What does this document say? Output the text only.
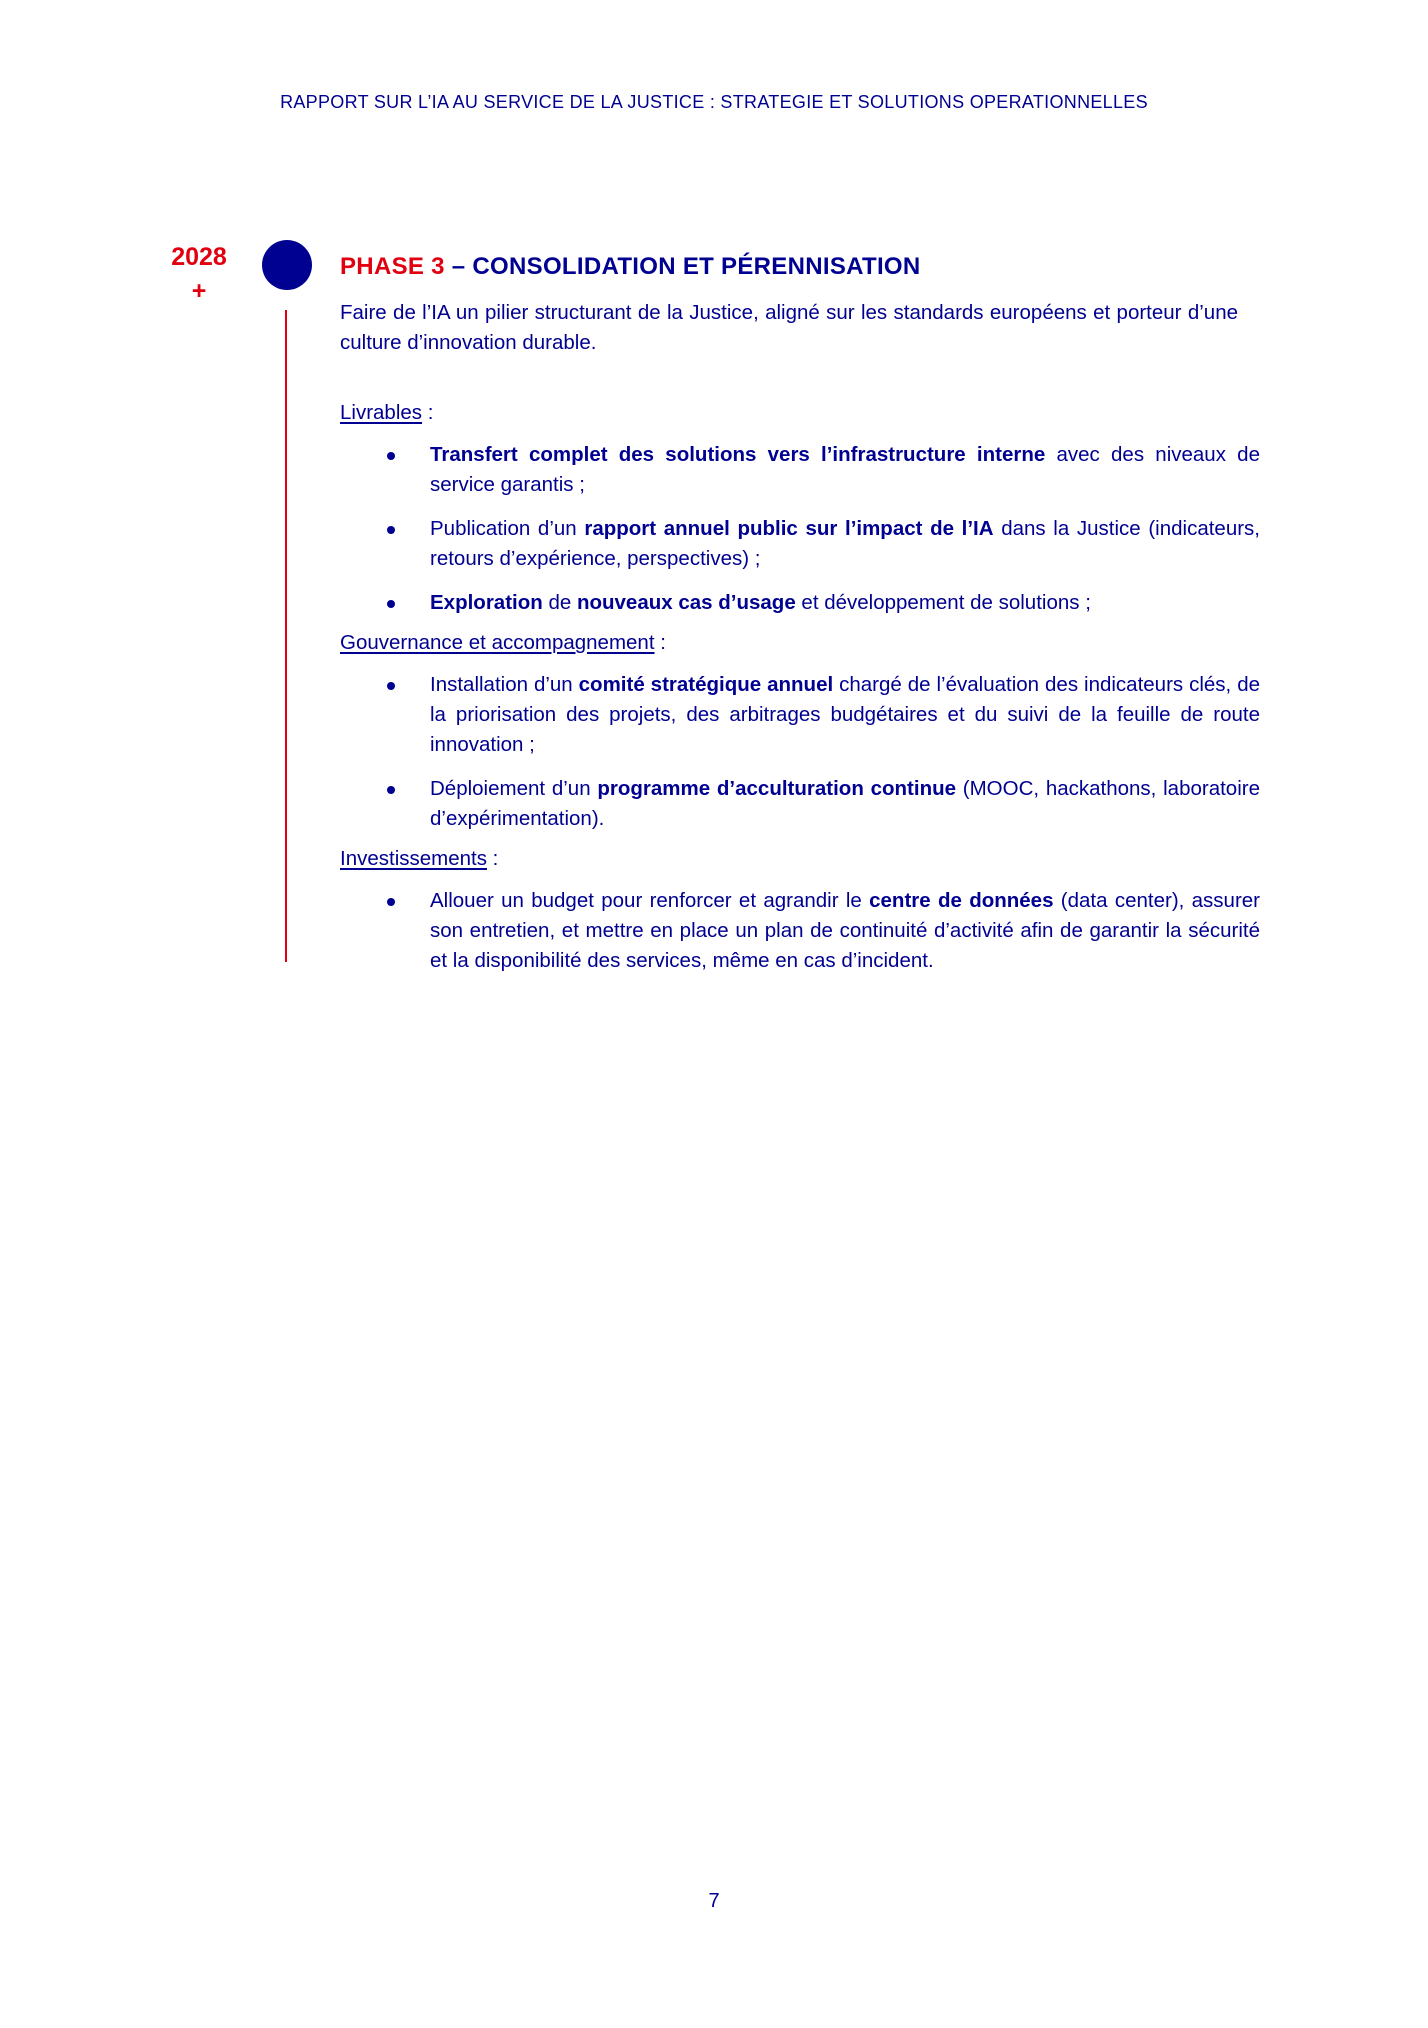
RAPPORT SUR L’IA AU SERVICE DE LA JUSTICE : STRATEGIE ET SOLUTIONS OPERATIONNELLES
2028
+
PHASE 3 – CONSOLIDATION ET PÉRENNISATION

Faire de l’IA un pilier structurant de la Justice, aligné sur les standards européens et porteur d’uneculture d’innovation durable.

Livrables :

Transfert complet des solutions vers l’infrastructure interne avec des niveaux de service garantis ;
Publication d’un rapport annuel public sur l’impact de l’IA dans la Justice (indicateurs, retours d’expérience, perspectives) ;
Exploration de nouveaux cas d’usage et développement de solutions ;

Gouvernance et accompagnement :

Installation d’un comité stratégique annuel chargé de l’évaluation des indicateurs clés, de la priorisation des projets, des arbitrages budgétaires et du suivi de la feuille de route innovation ;
Déploiement d’un programme d’acculturation continue (MOOC, hackathons, laboratoire d’expérimentation).

Investissements :

Allouer un budget pour renforcer et agrandir le centre de données (data center), assurer son entretien, et mettre en place un plan de continuité d’activité afin de garantir la sécurité et la disponibilité des services, même en cas d’incident.
7
